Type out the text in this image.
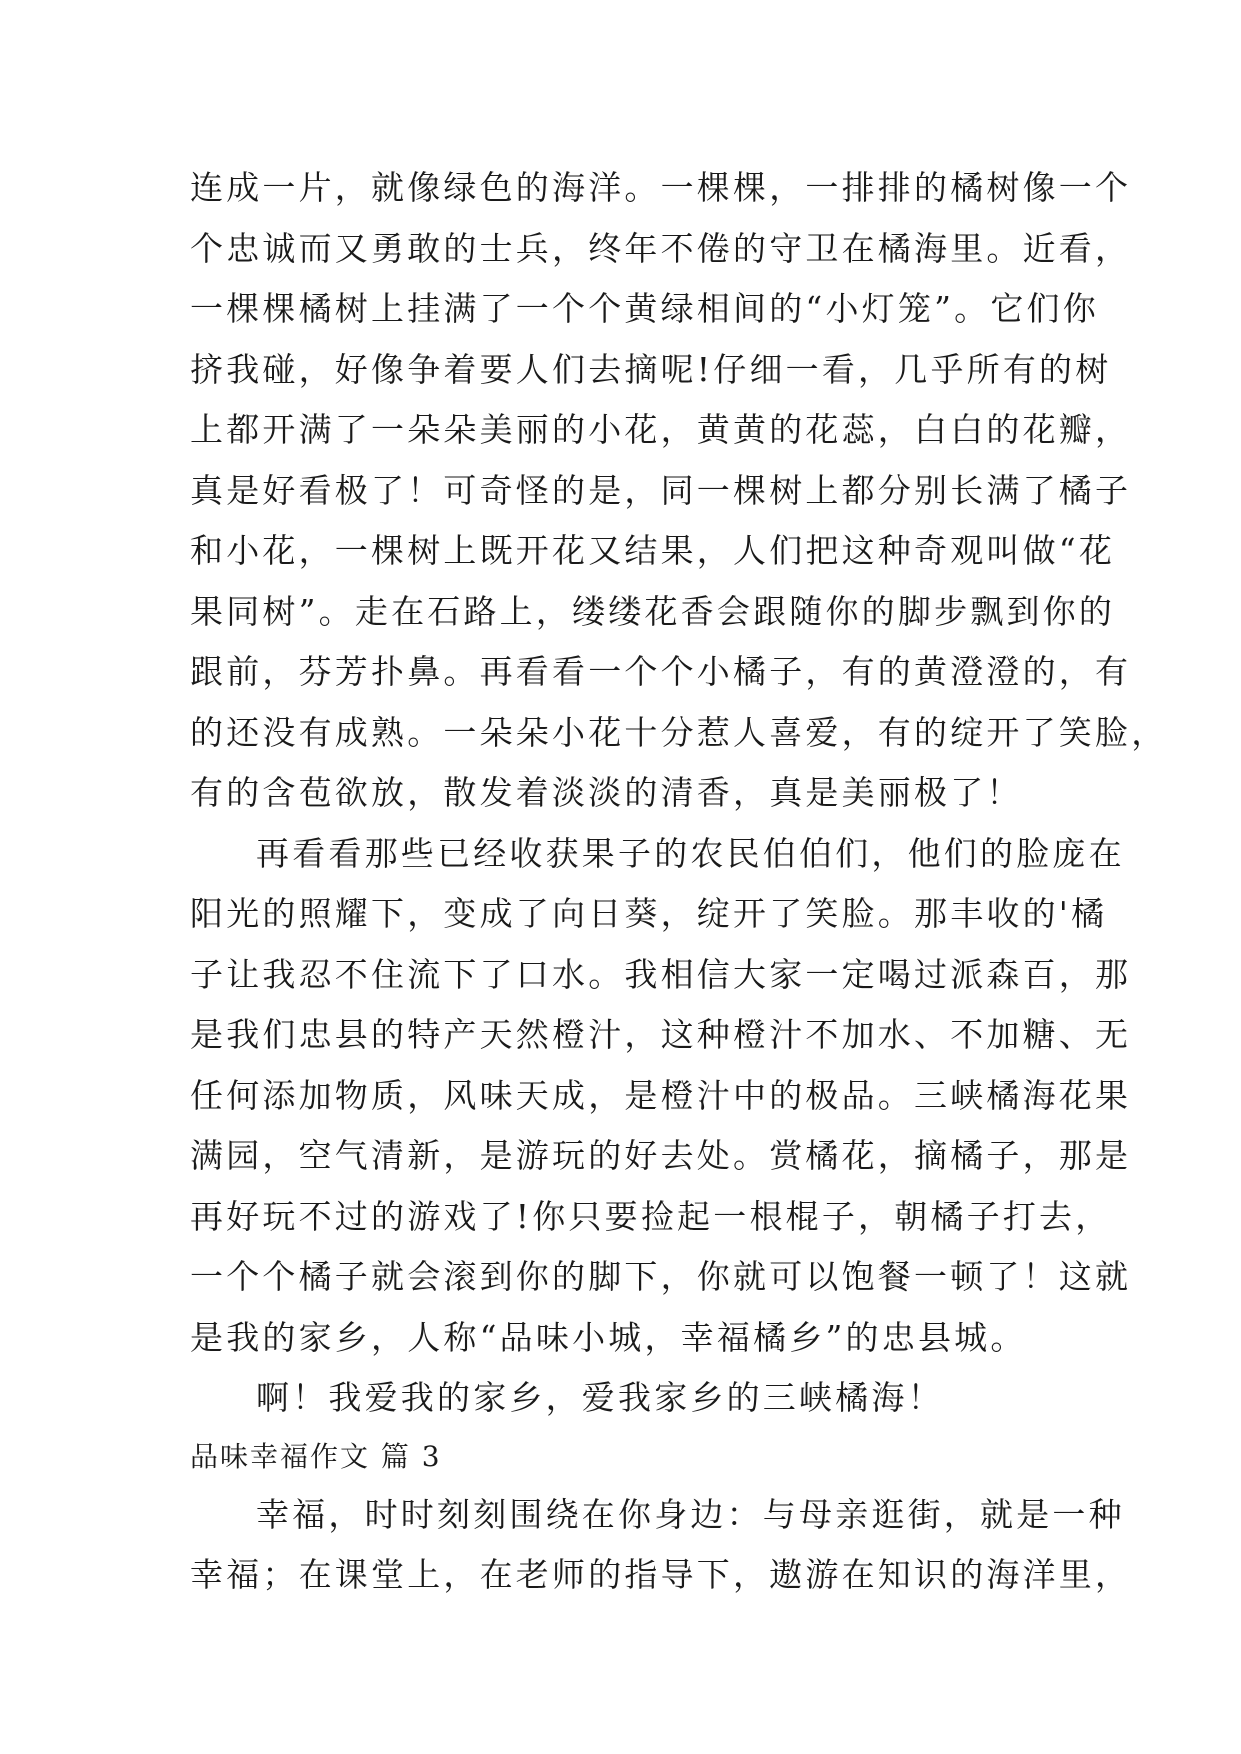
连成一片，就像绿色的海洋。一棵棵，一排排的橘树像一个
个忠诚而又勇敢的士兵，终年不倦的守卫在橘海里。近看，
一棵棵橘树上挂满了一个个黄绿相间的“小灯笼”。它们你
挤我碰，好像争着要人们去摘呢!仔细一看，几乎所有的树
上都开满了一朵朵美丽的小花，黄黄的花蕊，白白的花瓣，
真是好看极了！可奇怪的是，同一棵树上都分别长满了橘子
和小花，一棵树上既开花又结果，人们把这种奇观叫做“花
果同树”。走在石路上，缕缕花香会跟随你的脚步飘到你的
跟前，芬芳扑鼻。再看看一个个小橘子，有的黄澄澄的，有
的还没有成熟。一朵朵小花十分惹人喜爱，有的绽开了笑脸，
有的含苞欲放，散发着淡淡的清香，真是美丽极了！
再看看那些已经收获果子的农民伯伯们，他们的脸庞在
阳光的照耀下，变成了向日葵，绽开了笑脸。那丰收的'橘
子让我忍不住流下了口水。我相信大家一定喝过派森百，那
是我们忠县的特产天然橙汁，这种橙汁不加水、不加糖、无
任何添加物质，风味天成，是橙汁中的极品。三峡橘海花果
满园，空气清新，是游玩的好去处。赏橘花，摘橘子，那是
再好玩不过的游戏了!你只要捡起一根棍子，朝橘子打去，
一个个橘子就会滚到你的脚下，你就可以饱餐一顿了！这就
是我的家乡，人称“品味小城，幸福橘乡”的忠县城。
啊！我爱我的家乡，爱我家乡的三峡橘海！
品味幸福作文 篇 3
幸福，时时刻刻围绕在你身边：与母亲逛街，就是一种
幸福；在课堂上，在老师的指导下，遨游在知识的海洋里，
